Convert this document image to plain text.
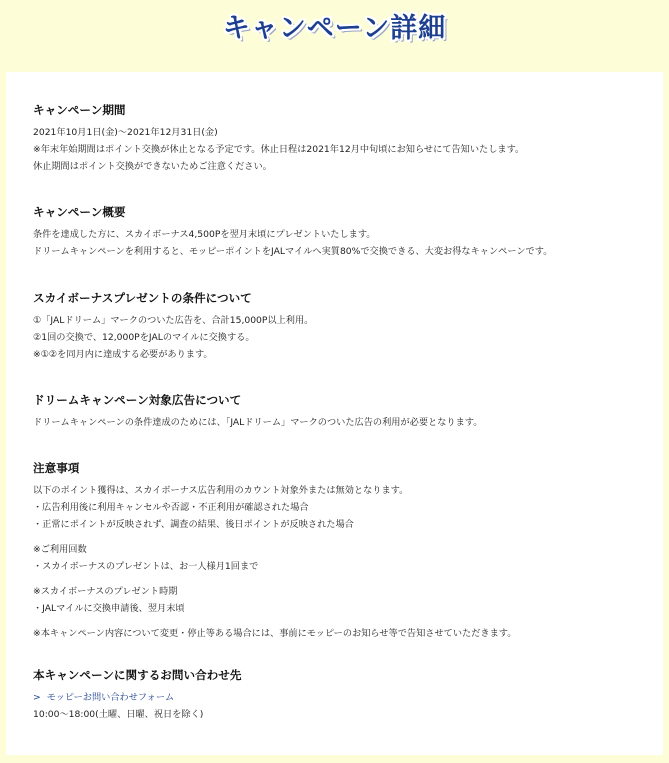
キャンペーン詳細
キャンペーン期間

2021年10月1日(金)〜2021年12月31日(金)

※年末年始期間はポイント交換が休止となる予定です。休止日程は2021年12月中旬頃にお知らせにて告知いたします。

休止期間はポイント交換ができないためご注意ください。

キャンペーン概要

条件を達成した方に、スカイボーナス4,500Pを翌月末頃にプレゼントいたします。

ドリームキャンペーンを利用すると、モッピーポイントをJALマイルへ実質80%で交換できる、大変お得なキャンペーンです。

スカイボーナスプレゼントの条件について

①「JALドリーム」マークのついた広告を、合計15,000P以上利用。

②1回の交換で、12,000PをJALのマイルに交換する。

※①②を同月内に達成する必要があります。

ドリームキャンペーン対象広告について

ドリームキャンペーンの条件達成のためには、「JALドリーム」マークのついた広告の利用が必要となります。

注意事項

以下のポイント獲得は、スカイボーナス広告利用のカウント対象外または無効となります。

・広告利用後に利用キャンセルや否認・不正利用が確認された場合

・正常にポイントが反映されず、調査の結果、後日ポイントが反映された場合

※ご利用回数

・スカイボーナスのプレゼントは、お一人様月1回まで

※スカイボーナスのプレゼント時期

・JALマイルに交換申請後、翌月末頃

※本キャンペーン内容について変更・停止等ある場合には、事前にモッピーのお知らせ等で告知させていただきます。

本キャンペーンに関するお問い合わせ先

> モッピーお問い合わせフォーム

10:00〜18:00(土曜、日曜、祝日を除く)
